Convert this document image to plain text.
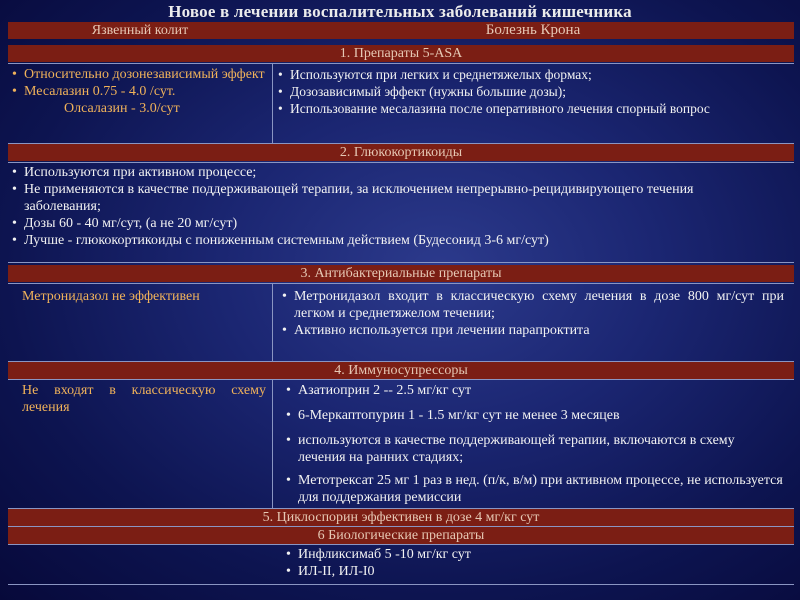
Новое в лечении воспалительных заболеваний кишечника
Язвенный колит	Болезнь Крона
1. Препараты 5-ASA
• Относительно дозонезависимый эффект
• Месалазин 0.75 - 4.0 /сут.
Олсалазин - 3.0/сут
• Используются при легких и среднетяжелых формах;
• Дозозависимый эффект (нужны большие дозы);
• Использование месалазина после оперативного лечения спорный вопрос
2. Глюкокортикоиды
• Используются при активном процессе;
• Не применяются в качестве поддерживающей терапии, за исключением непрерывно-рецидивирующего течения заболевания;
• Дозы 60 - 40 мг/сут, (а не 20 мг/сут)
• Лучше - глюкокортикоиды с пониженным системным действием (Будесонид 3-6 мг/сут)
3. Антибактериальные препараты
Метронидазол не эффективен
•	Метронидазол входит в классическую схему лечения в дозе 800 мг/сут при легком и среднетяжелом течении;
• Активно используется при лечении парапроктита
4. Иммуносупрессоры
Не входят в классическую схему лечения
• Азатиоприн 2 -- 2.5 мг/кг сут
• 6-Меркаптопурин 1 - 1.5 мг/кг сут не менее 3 месяцев
• используются в качестве поддерживающей терапии, включаются в схему лечения на ранних стадиях;
• Метотрексат 25 мг 1 раз в нед. (п/к, в/м) при активном процессе, не используется для поддержания ремиссии
5. Циклоспорин эффективен в дозе 4 мг/кг сут
6 Биологические препараты
• Инфликсимаб 5 -10 мг/кг сут
• ИЛ-II, ИЛ-I0
